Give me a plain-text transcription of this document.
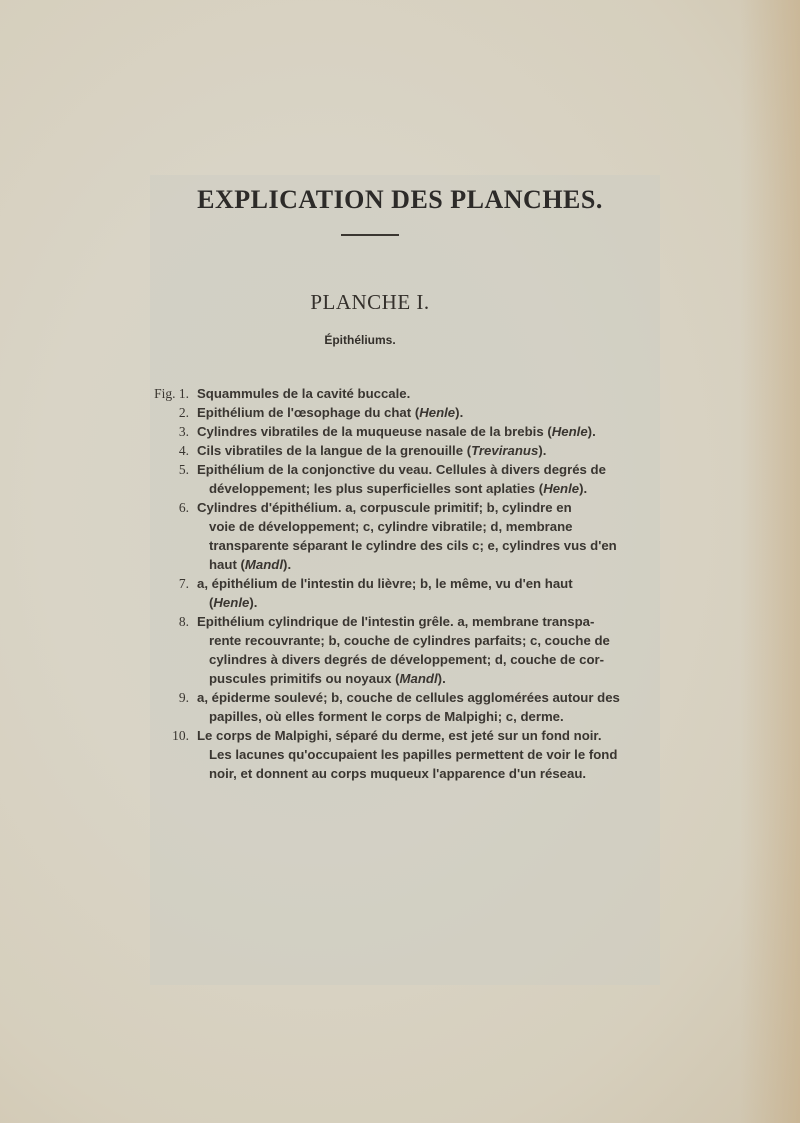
EXPLICATION DES PLANCHES.
PLANCHE I.
Épithéliums.
Fig. 1. Squammules de la cavité buccale.
2. Epithélium de l'œsophage du chat (Henle).
3. Cylindres vibratiles de la muqueuse nasale de la brebis (Henle).
4. Cils vibratiles de la langue de la grenouille (Treviranus).
5. Epithélium de la conjonctive du veau. Cellules à divers degrés de
développement; les plus superficielles sont aplaties (Henle).
6. Cylindres d'épithélium. a, corpuscule primitif; b, cylindre en
voie de développement; c, cylindre vibratile; d, membrane
transparente séparant le cylindre des cils c; e, cylindres vus d'en
haut (Mandl).
7. a, épithélium de l'intestin du lièvre; b, le même, vu d'en haut
(Henle).
8. Epithélium cylindrique de l'intestin grêle. a, membrane transpa-
rente recouvrante; b, couche de cylindres parfaits; c, couche de
cylindres à divers degrés de développement; d, couche de cor-
puscules primitifs ou noyaux (Mandl).
9. a, épiderme soulevé; b, couche de cellules agglomérées autour des
papilles, où elles forment le corps de Malpighi; c, derme.
10. Le corps de Malpighi, séparé du derme, est jeté sur un fond noir.
Les lacunes qu'occupaient les papilles permettent de voir le fond
noir, et donnent au corps muqueux l'apparence d'un réseau.
